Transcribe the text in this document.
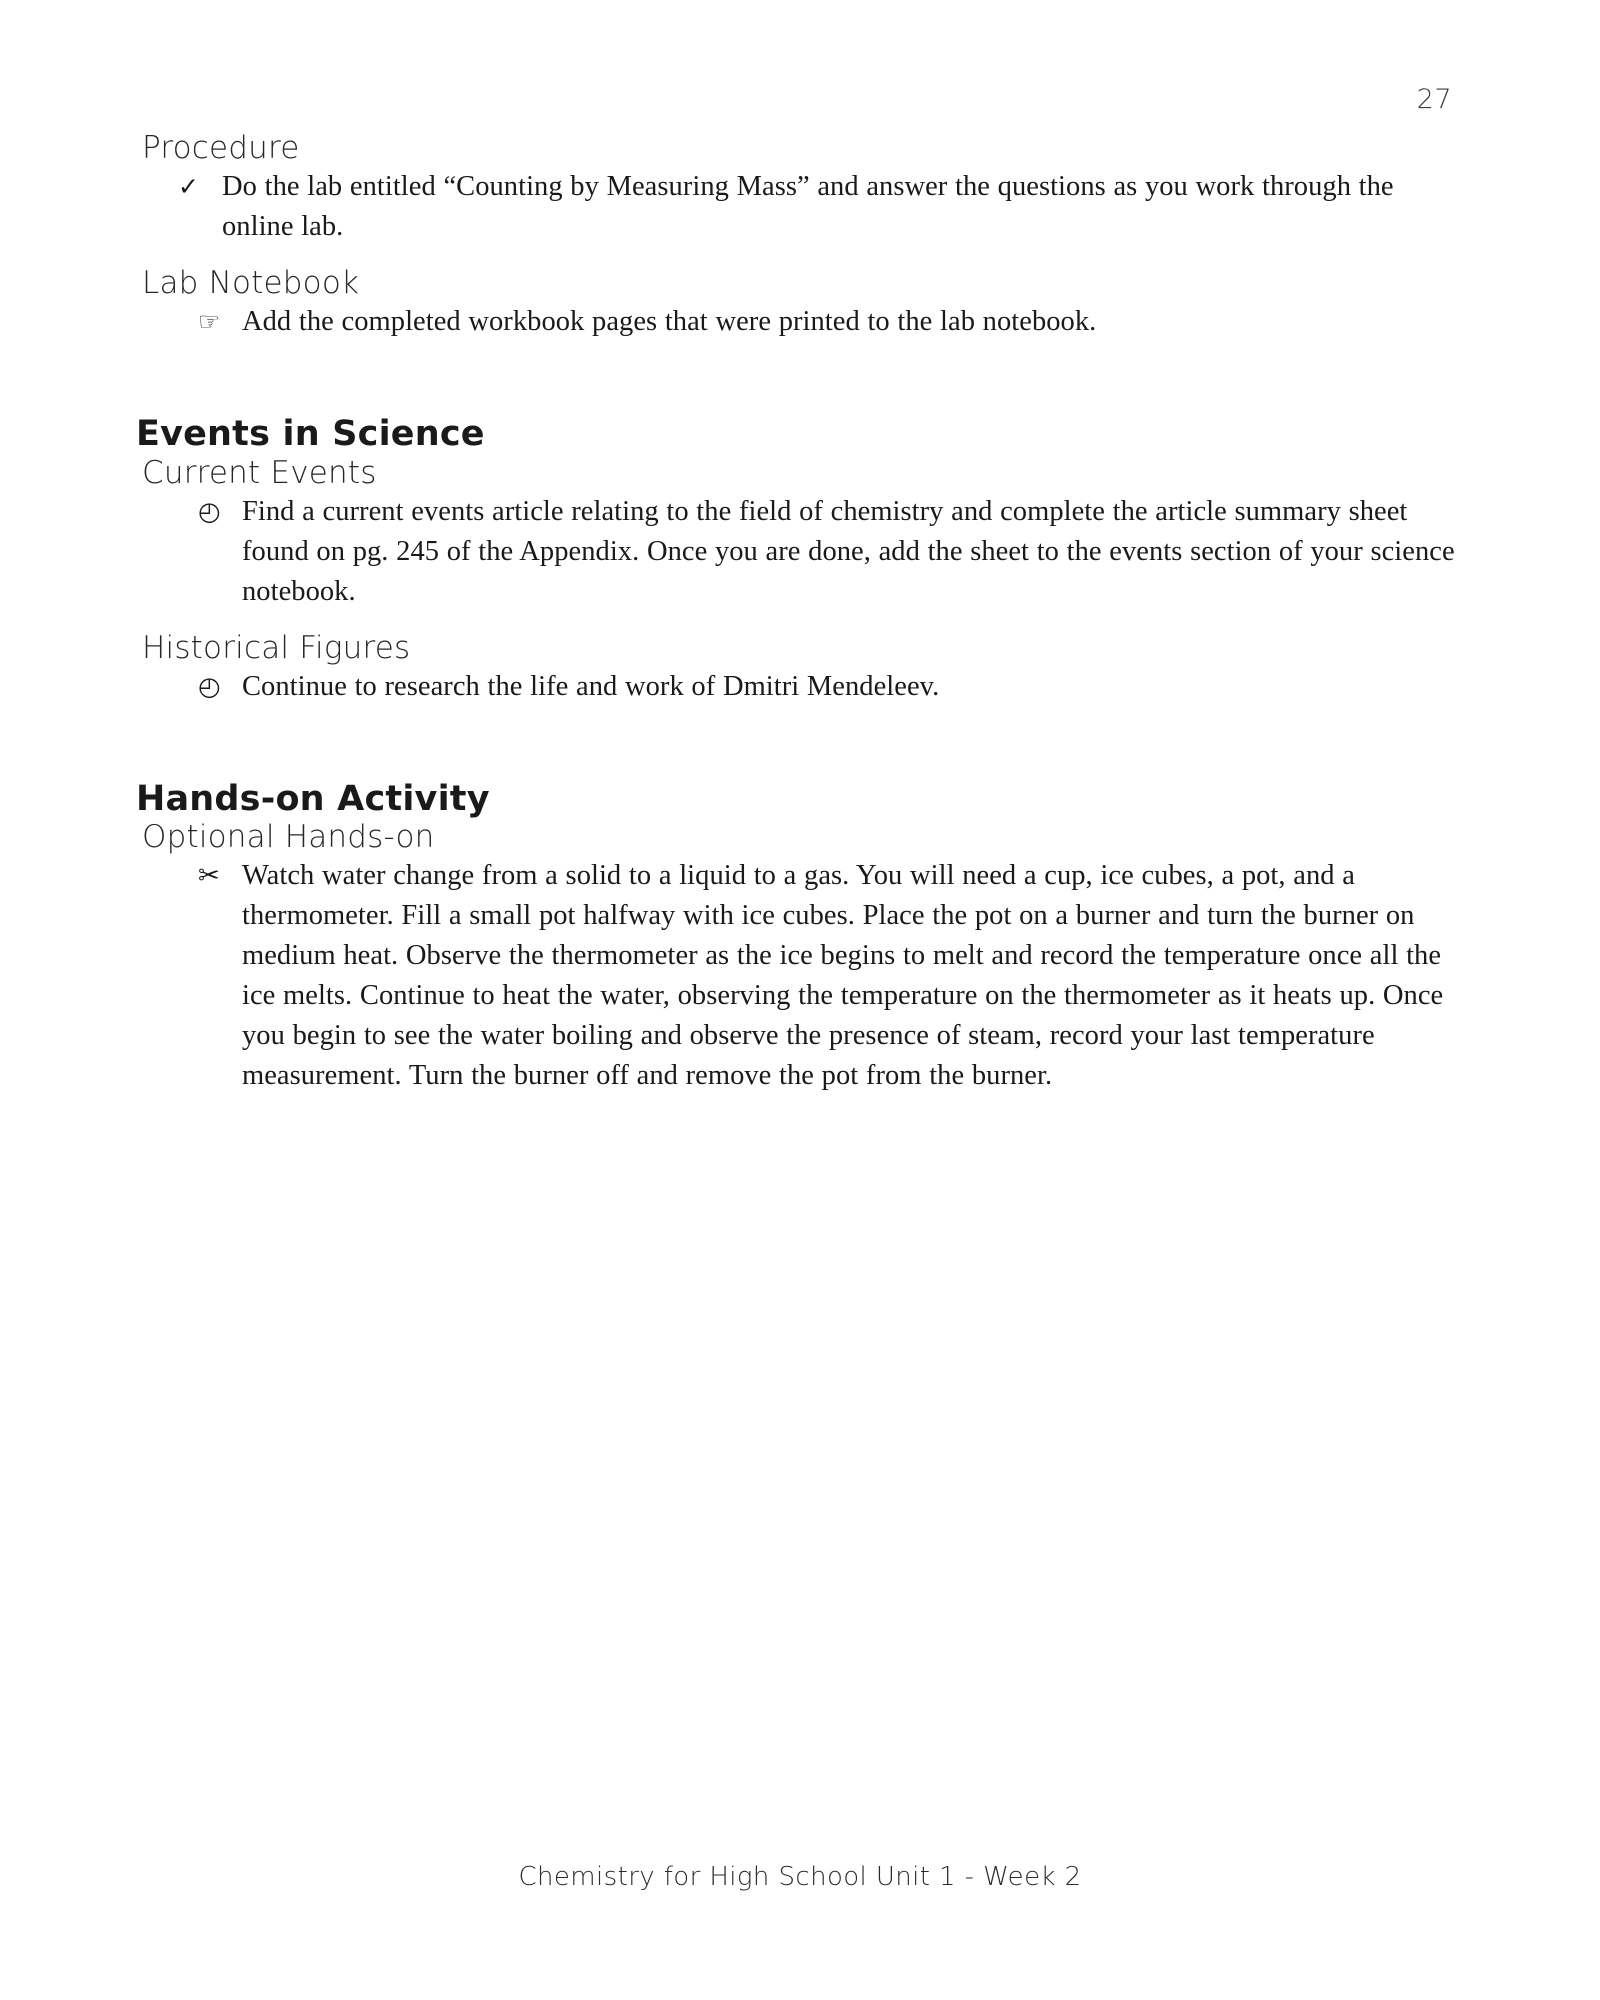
27
Procedure
✓ Do the lab entitled “Counting by Measuring Mass” and answer the questions as you work through the online lab.
Lab Notebook
☞ Add the completed workbook pages that were printed to the lab notebook.
Events in Science
Current Events
◴ Find a current events article relating to the field of chemistry and complete the article summary sheet found on pg. 245 of the Appendix. Once you are done, add the sheet to the events section of your science notebook.
Historical Figures
◴ Continue to research the life and work of Dmitri Mendeleev.
Hands-on Activity
Optional Hands-on
✂ Watch water change from a solid to a liquid to a gas. You will need a cup, ice cubes, a pot, and a thermometer. Fill a small pot halfway with ice cubes. Place the pot on a burner and turn the burner on medium heat. Observe the thermometer as the ice begins to melt and record the temperature once all the ice melts. Continue to heat the water, observing the temperature on the thermometer as it heats up. Once you begin to see the water boiling and observe the presence of steam, record your last temperature measurement. Turn the burner off and remove the pot from the burner.
Chemistry for High School Unit 1 - Week 2
